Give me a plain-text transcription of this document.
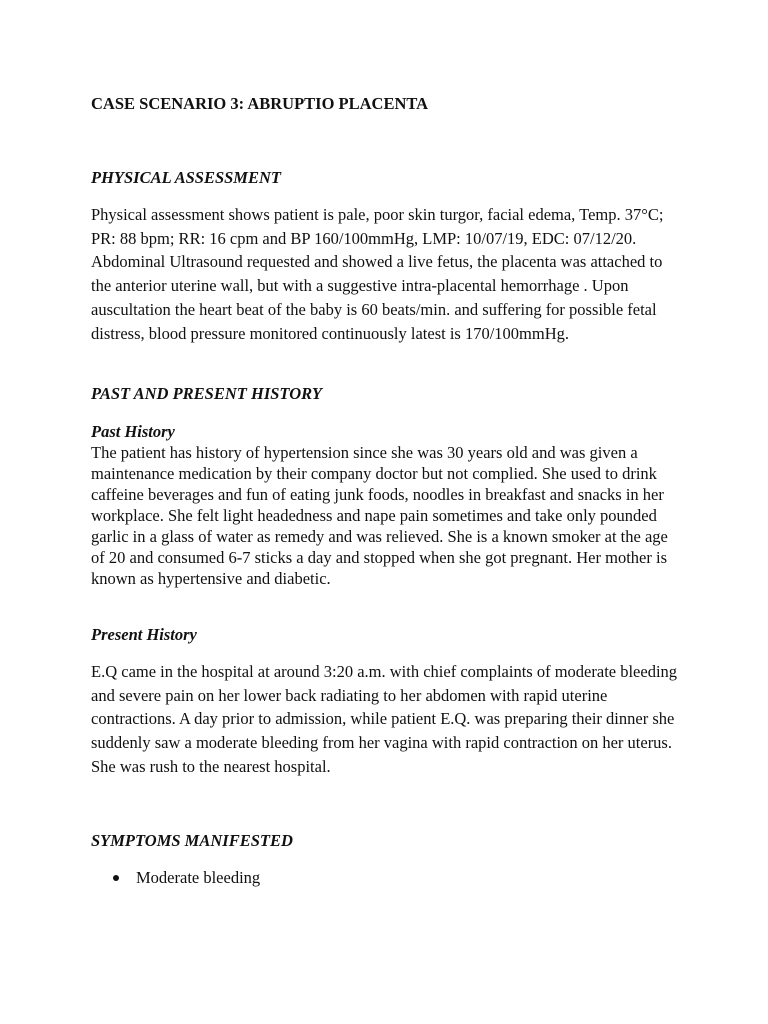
CASE SCENARIO 3: ABRUPTIO PLACENTA
PHYSICAL ASSESSMENT
Physical assessment shows patient is pale, poor skin turgor, facial edema, Temp. 37°C; PR: 88 bpm; RR: 16 cpm and BP 160/100mmHg, LMP: 10/07/19, EDC: 07/12/20. Abdominal Ultrasound requested and showed a live fetus, the placenta was attached to the anterior uterine wall, but with a suggestive intra-placental hemorrhage . Upon auscultation the heart beat of the baby is 60 beats/min. and suffering for possible fetal distress, blood pressure monitored continuously latest is 170/100mmHg.
PAST AND PRESENT HISTORY
Past History
The patient has history of hypertension since she was 30 years old and was given a maintenance medication by their company doctor but not complied. She used to drink caffeine beverages and fun of eating junk foods, noodles in breakfast and snacks in her workplace. She felt light headedness and nape pain sometimes and take only pounded garlic in a glass of water as remedy and was relieved. She is a known smoker at the age of 20 and consumed 6-7 sticks a day and stopped when she got pregnant. Her mother is known as hypertensive and diabetic.
Present History
E.Q came in the hospital at around 3:20 a.m. with chief complaints of moderate bleeding and severe pain on her lower back radiating to her abdomen with rapid uterine contractions. A day prior to admission, while patient E.Q. was preparing their dinner she suddenly saw a moderate bleeding from her vagina with rapid contraction on her uterus. She was rush to the nearest hospital.
SYMPTOMS MANIFESTED
Moderate bleeding
